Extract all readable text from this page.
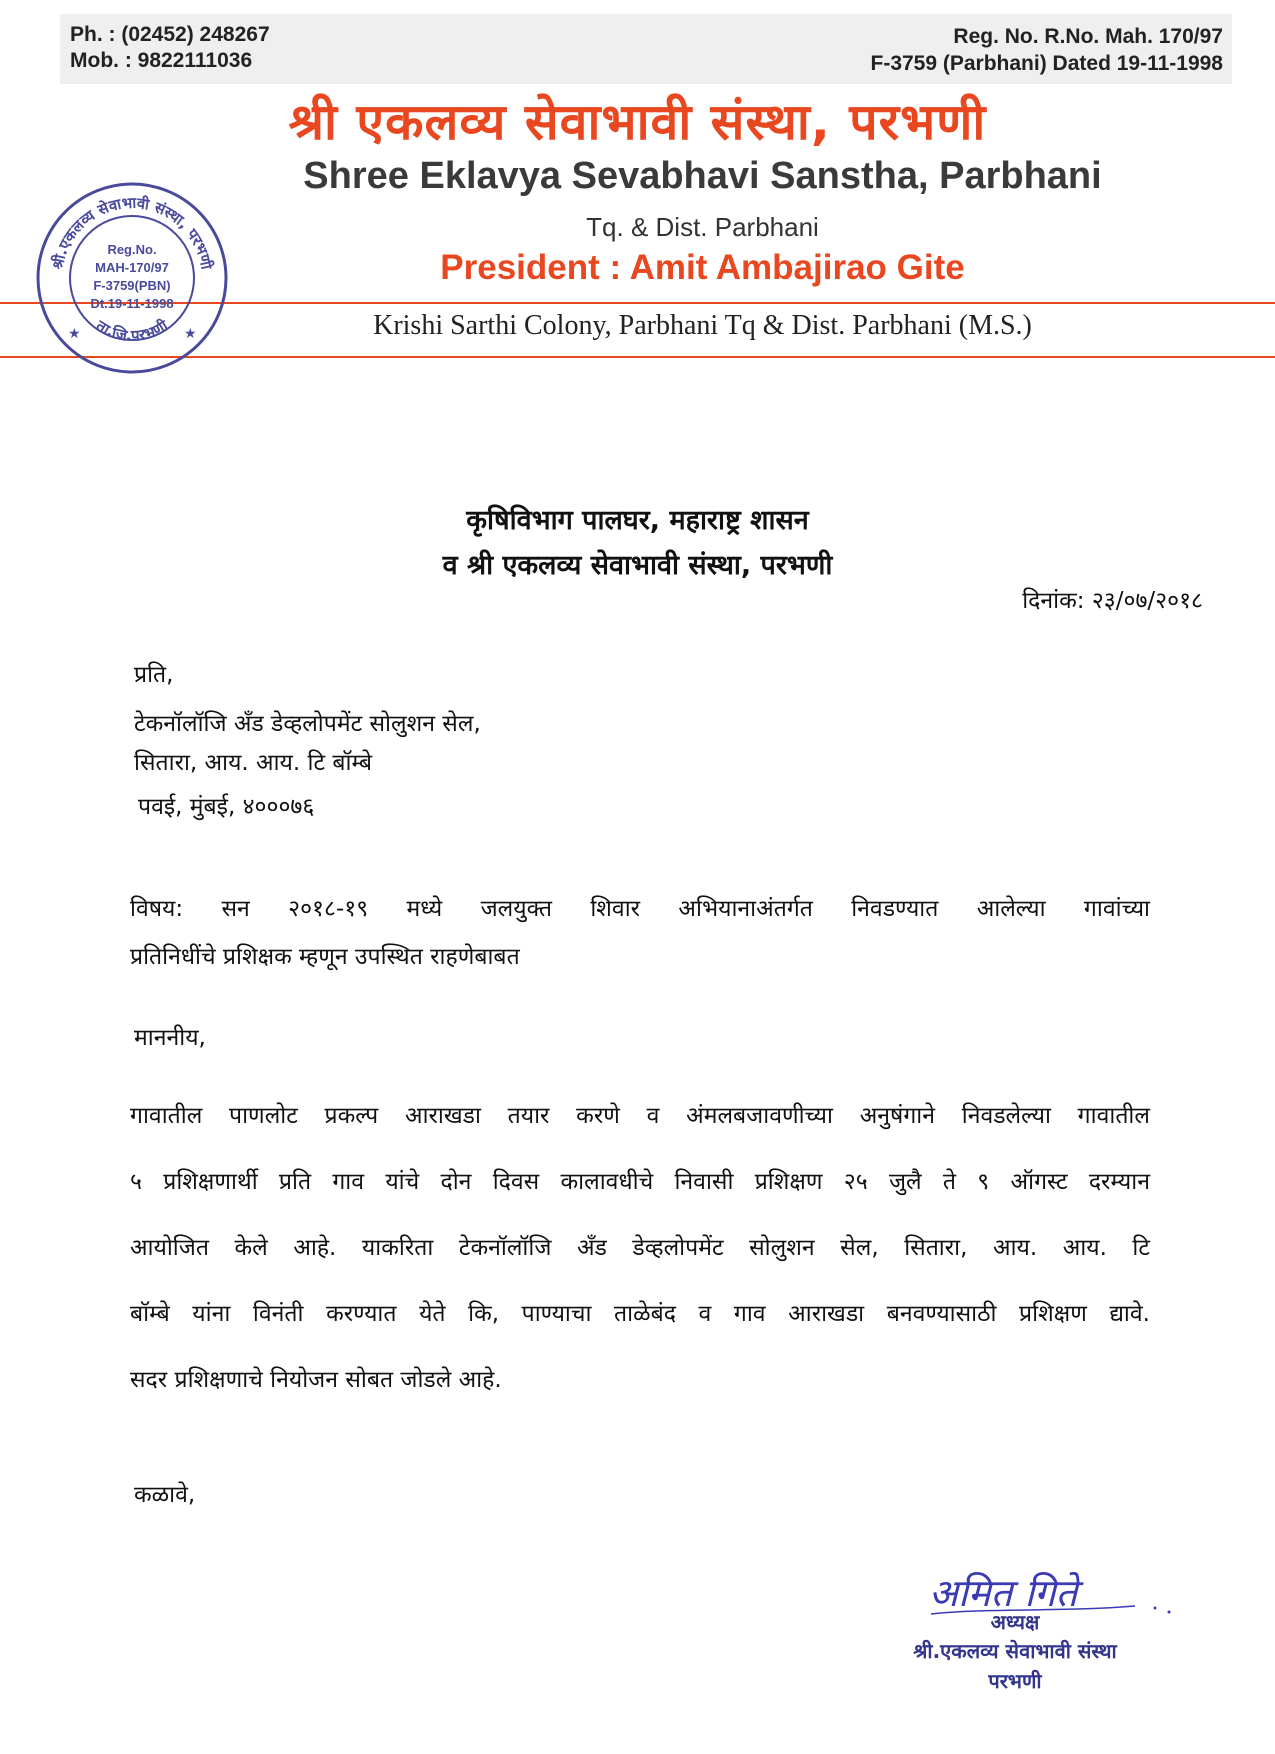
Ph. : (02452) 248267
Mob. : 9822111036
Reg. No. R.No. Mah. 170/97
F-3759 (Parbhani) Dated 19-11-1998
श्री एकलव्य सेवाभावी संस्था, परभणी
Shree Eklavya Sevabhavi Sanstha, Parbhani
Tq. & Dist. Parbhani
President : Amit Ambajirao Gite
Krishi Sarthi Colony, Parbhani Tq & Dist. Parbhani (M.S.)
श्री.एकलव्य सेवाभावी संस्था, परभणी
ता.जि.परभणी
★	★
Reg.No.
MAH-170/97
F-3759(PBN)
Dt.19-11-1998
कृषिविभाग पालघर, महाराष्ट्र शासन
व श्री एकलव्य सेवाभावी संस्था, परभणी
दिनांक: २३/०७/२०१८
प्रति,
टेकनॉलॉजि अँड डेव्हलोपमेंट सोलुशन सेल,
सितारा, आय. आय. टि बॉम्बे
पवई, मुंबई, ४०००७६

विषय: सन २०१८-१९ मध्ये जलयुक्त शिवार अभियानाअंतर्गत निवडण्यात आलेल्या गावांच्या

प्रतिनिधींचे प्रशिक्षक म्हणून उपस्थित राहणेबाबत

माननीय,

गावातील पाणलोट प्रकल्प आराखडा तयार करणे व अंमलबजावणीच्या अनुषंगाने निवडलेल्या गावातील

५ प्रशिक्षणार्थी प्रति गाव यांचे दोन दिवस कालावधीचे निवासी प्रशिक्षण २५ जुलै ते ९ ऑगस्ट दरम्यान

आयोजित केले आहे. याकरिता टेकनॉलॉजि अँड डेव्हलोपमेंट सोलुशन सेल, सितारा, आय. आय. टि

बॉम्बे यांना विनंती करण्यात येते कि, पाण्याचा ताळेबंद व गाव आराखडा बनवण्यासाठी प्रशिक्षण द्यावे.

सदर प्रशिक्षणाचे नियोजन सोबत जोडले आहे.

कळावे,
अमित गिते
अध्यक्ष
श्री.एकलव्य सेवाभावी संस्था
परभणी
